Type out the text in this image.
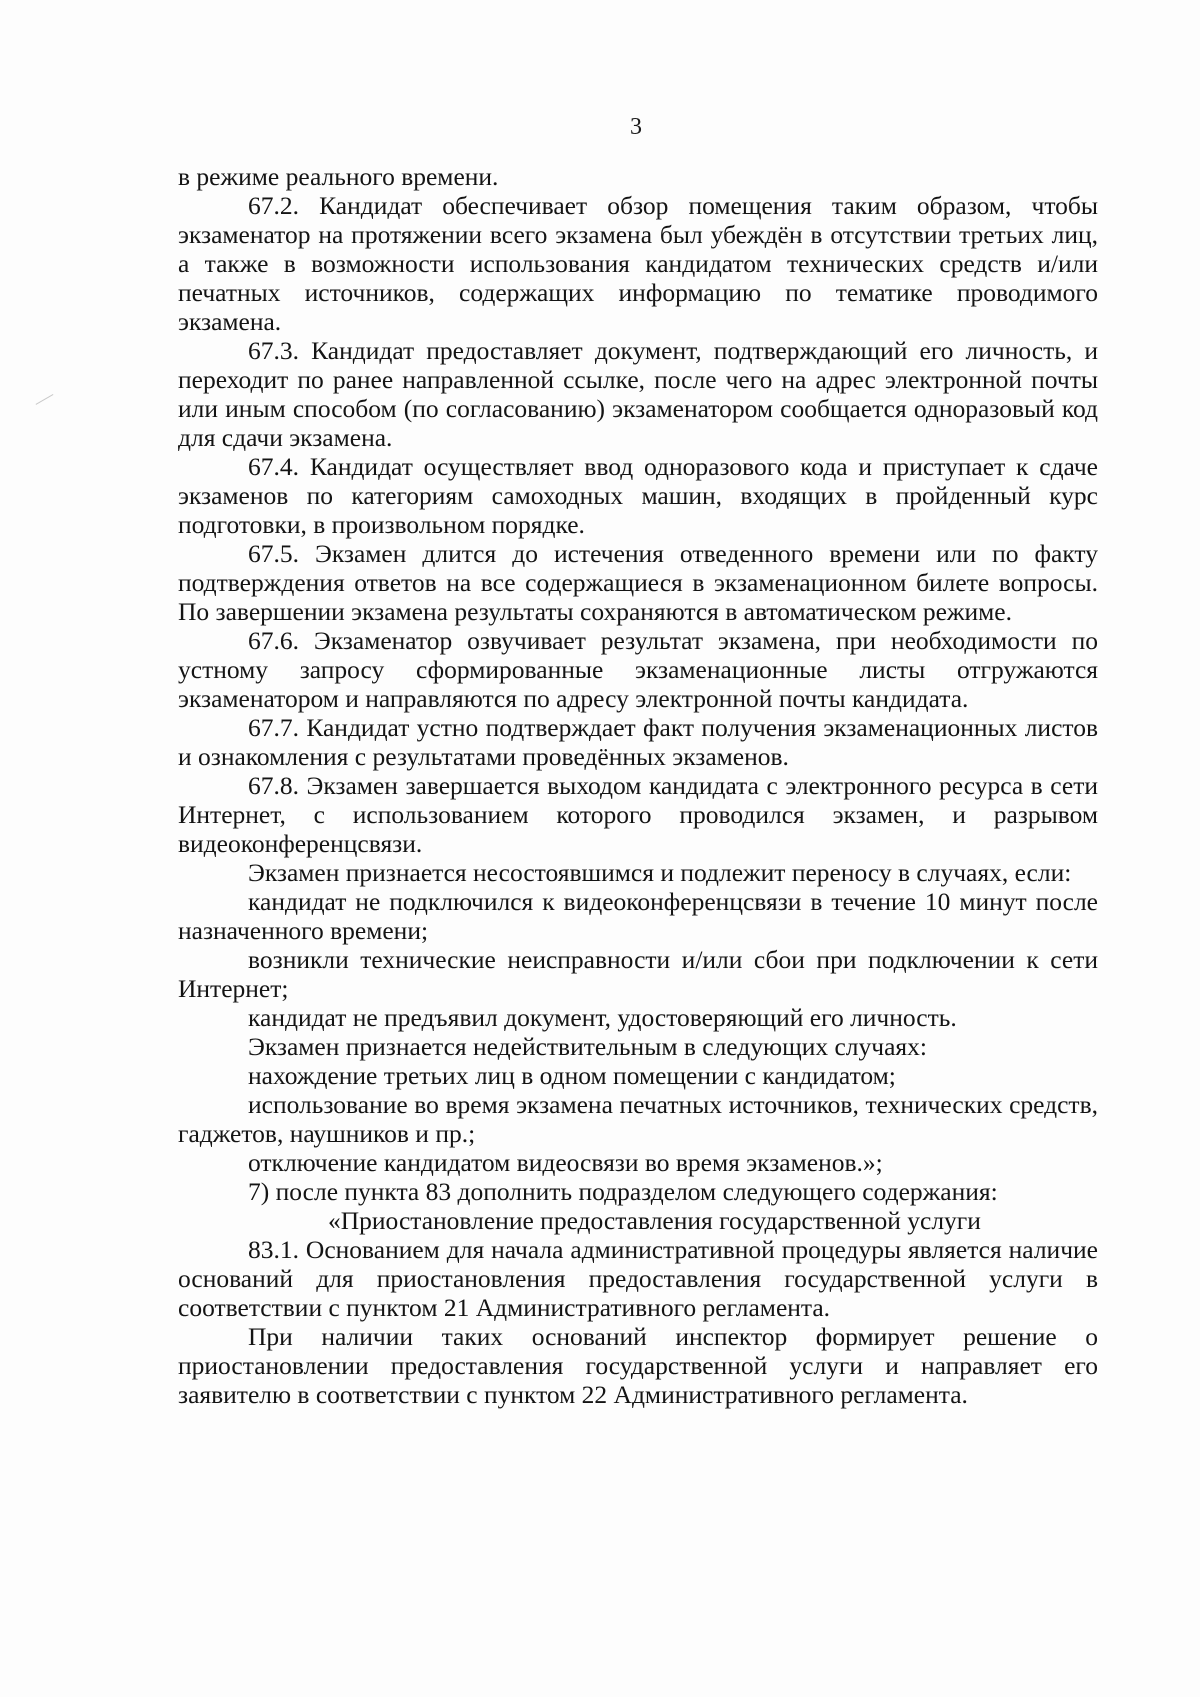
3

в режиме реального времени.

67.2. Кандидат обеспечивает обзор помещения таким образом, чтобы экзаменатор на протяжении всего экзамена был убеждён в отсутствии третьих лиц, а также в возможности использования кандидатом технических средств и/или печатных источников, содержащих информацию по тематике проводимого экзамена.

67.3. Кандидат предоставляет документ, подтверждающий его личность, и переходит по ранее направленной ссылке, после чего на адрес электронной почты или иным способом (по согласованию) экзаменатором сообщается одноразовый код для сдачи экзамена.

67.4. Кандидат осуществляет ввод одноразового кода и приступает к сдаче экзаменов по категориям самоходных машин, входящих в пройденный курс подготовки, в произвольном порядке.

67.5. Экзамен длится до истечения отведенного времени или по факту подтверждения ответов на все содержащиеся в экзаменационном билете вопросы. По завершении экзамена результаты сохраняются в автоматическом режиме.

67.6. Экзаменатор озвучивает результат экзамена, при необходимости по устному запросу сформированные экзаменационные листы отгружаются экзаменатором и направляются по адресу электронной почты кандидата.

67.7. Кандидат устно подтверждает факт получения экзаменационных листов и ознакомления с результатами проведённых экзаменов.

67.8. Экзамен завершается выходом кандидата с электронного ресурса в сети Интернет, с использованием которого проводился экзамен, и разрывом видеоконференцсвязи.

Экзамен признается несостоявшимся и подлежит переносу в случаях, если:

кандидат не подключился к видеоконференцсвязи в течение 10 минут после назначенного времени;

возникли технические неисправности и/или сбои при подключении к сети Интернет;

кандидат не предъявил документ, удостоверяющий его личность.

Экзамен признается недействительным в следующих случаях:

нахождение третьих лиц в одном помещении с кандидатом;

использование во время экзамена печатных источников, технических средств, гаджетов, наушников и пр.;

отключение кандидатом видеосвязи во время экзаменов.»;

7) после пункта 83 дополнить подразделом следующего содержания:

«Приостановление предоставления государственной услуги

83.1. Основанием для начала административной процедуры является наличие оснований для приостановления предоставления государственной услуги в соответствии с пунктом 21 Административного регламента.

При наличии таких оснований инспектор формирует решение о приостановлении предоставления государственной услуги и направляет его заявителю в соответствии с пунктом 22 Административного регламента.
